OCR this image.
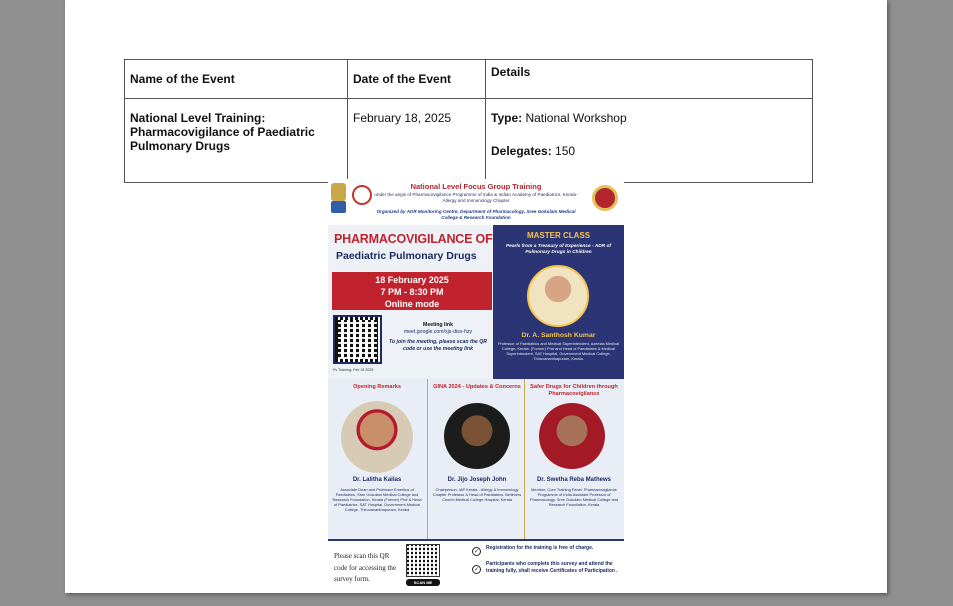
Name of the Event	Date of the Event	Details
National Level Training: Pharmacovigilance of Paediatric Pulmonary Drugs	February 18, 2025	Type: National Workshop
Delegates: 150
National Level Focus Group Training
under the aegis of Pharmacovigilance Programme of India & Indian Academy of Paediatrics, Kerala- Allergy and Immunology Chapter
Organized by ADR Monitoring Centre, Department of Pharmacology, Sree Gokulam Medical College & Research Foundation
PHARMACOVIGILANCE OF
Paediatric Pulmonary Drugs
18 February 2025
7 PM - 8:30 PM
Online mode
Meeting link
meet.google.com/xjs-disv-hzy
To join the meeting, please scan the QR code or use the meeting link
Pv Training- Feb 18 2025
MASTER CLASS
Pearls from a Treasury of Experience - ADR of Pulmonary Drugs in Children
Dr. A. Santhosh Kumar
Professor of Paediatrics and Medical Superintendent, Azeezia Medical College, Kerala. (Former) Prof and Head of Paediatrics & Medical Superintendent, SAT Hospital, Government Medical College, Thiruvananthapuram, Kerala.
Opening Remarks
Dr. Lalitha Kailas
Associate Dean and Professor Emeritus of Paediatrics, Sree Gokulam Medical College and Research Foundation, Kerala (Former) Prof & Head of Paediatrics, SAT Hospital, Government Medical College, Thiruvananthapuram, Kerala
GINA 2024 - Updates & Concerns
Dr. Jijo Joseph John
Chairperson, IAP Kerala - Allergy & Immunology Chapter Professor & Head of Paediatrics, Believers Church Medical College Hospital, Kerala
Safer Drugs for Children through Pharmacovigilance
Dr. Swetha Reba Mathews
Member, Core Training Panel, Pharmacovigilance Programme of India Assistant Professor of Pharmacology, Sree Gokulam Medical College and Research Foundation, Kerala
Please scan this QR code for accessing the survey form.	SCAN ME
✓
✓
Registration for the training is free of charge.
Participants who complete this survey and attend the training fully, shall receive Certificates of Participation .
